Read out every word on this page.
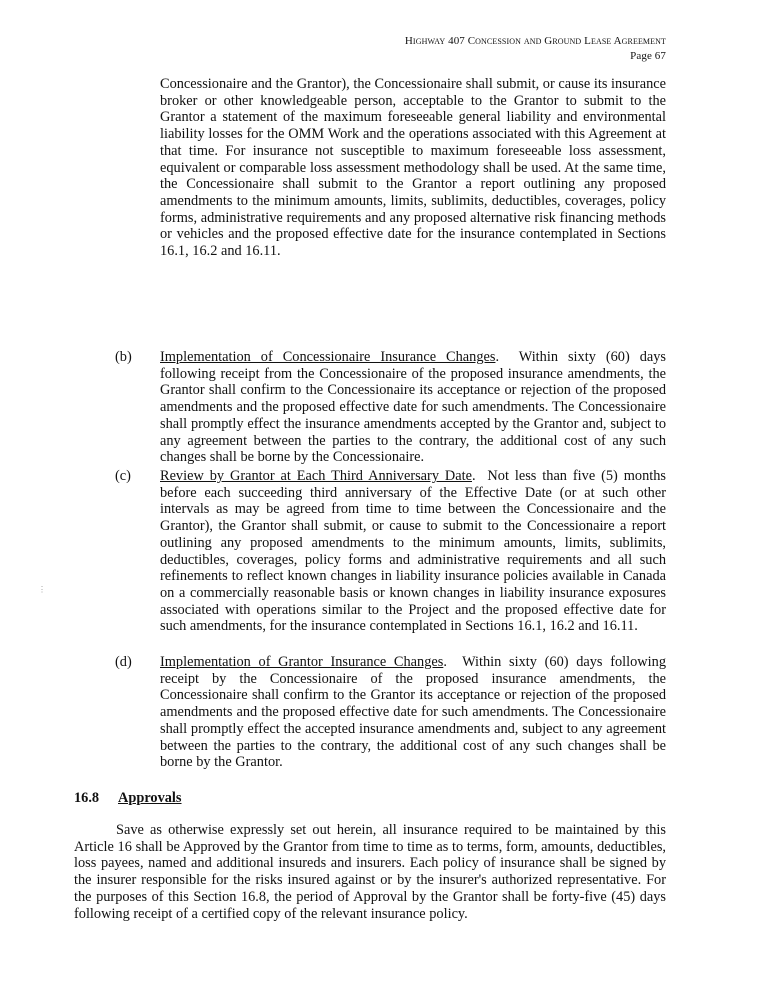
Highway 407 Concession and Ground Lease Agreement
Page 67

Concessionaire and the Grantor), the Concessionaire shall submit, or cause its insurance broker or other knowledgeable person, acceptable to the Grantor to submit to the Grantor a statement of the maximum foreseeable general liability and environmental liability losses for the OMM Work and the operations associated with this Agreement at that time. For insurance not susceptible to maximum foreseeable loss assessment, equivalent or comparable loss assessment methodology shall be used. At the same time, the Concessionaire shall submit to the Grantor a report outlining any proposed amendments to the minimum amounts, limits, sublimits, deductibles, coverages, policy forms, administrative requirements and any proposed alternative risk financing methods or vehicles and the proposed effective date for the insurance contemplated in Sections 16.1, 16.2 and 16.11.

(b) Implementation of Concessionaire Insurance Changes.  Within sixty (60) days following receipt from the Concessionaire of the proposed insurance amendments, the Grantor shall confirm to the Concessionaire its acceptance or rejection of the proposed amendments and the proposed effective date for such amendments. The Concessionaire shall promptly effect the insurance amendments accepted by the Grantor and, subject to any agreement between the parties to the contrary, the additional cost of any such changes shall be borne by the Concessionaire.

(c) Review by Grantor at Each Third Anniversary Date.  Not less than five (5) months before each succeeding third anniversary of the Effective Date (or at such other intervals as may be agreed from time to time between the Concessionaire and the Grantor), the Grantor shall submit, or cause to submit to the Concessionaire a report outlining any proposed amendments to the minimum amounts, limits, sublimits, deductibles, coverages, policy forms and administrative requirements and all such refinements to reflect known changes in liability insurance policies available in Canada on a commercially reasonable basis or known changes in liability insurance exposures associated with operations similar to the Project and the proposed effective date for such amendments, for the insurance contemplated in Sections 16.1, 16.2 and 16.11.

(d) Implementation of Grantor Insurance Changes.  Within sixty (60) days following receipt by the Concessionaire of the proposed insurance amendments, the Concessionaire shall confirm to the Grantor its acceptance or rejection of the proposed amendments and the proposed effective date for such amendments. The Concessionaire shall promptly effect the accepted insurance amendments and, subject to any agreement between the parties to the contrary, the additional cost of any such changes shall be borne by the Grantor.

16.8 Approvals

Save as otherwise expressly set out herein, all insurance required to be maintained by this Article 16 shall be Approved by the Grantor from time to time as to terms, form, amounts, deductibles, loss payees, named and additional insureds and insurers. Each policy of insurance shall be signed by the insurer responsible for the risks insured against or by the insurer's authorized representative. For the purposes of this Section 16.8, the period of Approval by the Grantor shall be forty-five (45) days following receipt of a certified copy of the relevant insurance policy.

⋮
